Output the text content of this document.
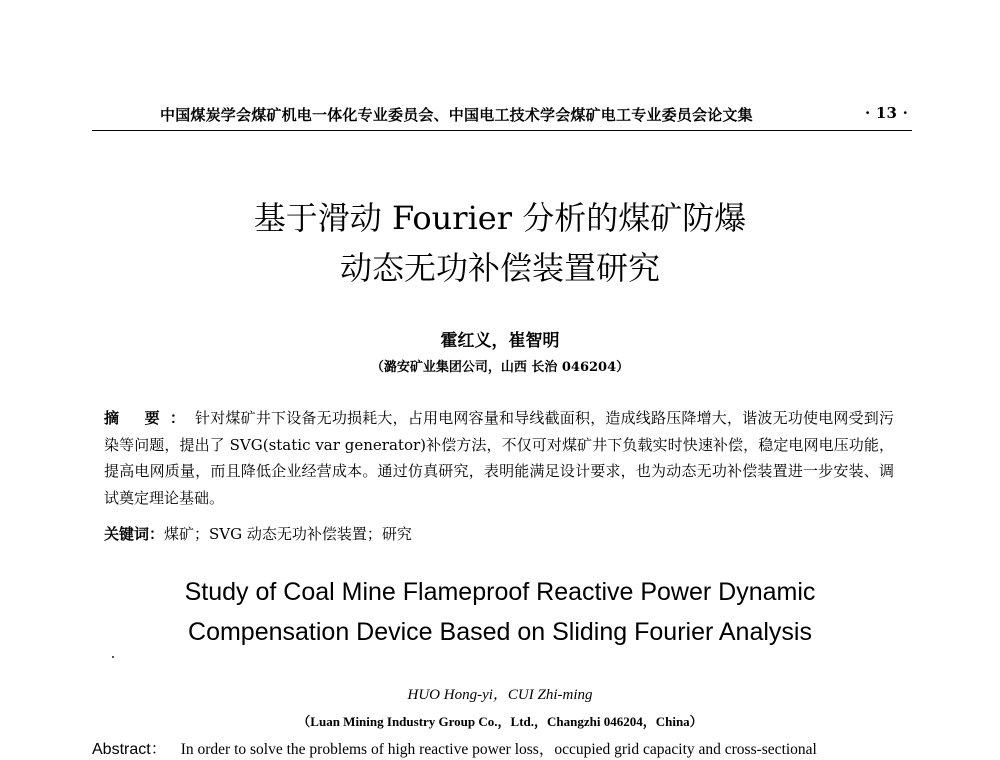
中国煤炭学会煤矿机电一体化专业委员会、中国电工技术学会煤矿电工专业委员会论文集	· 13 ·
基于滑动 Fourier 分析的煤矿防爆
动态无功补偿装置研究
霍红义，崔智明
（潞安矿业集团公司，山西 长治 046204）
摘 要：针对煤矿井下设备无功损耗大，占用电网容量和导线截面积，造成线路压降增大，谐波无功使电网受到污染等问题，提出了 SVG(static var generator)补偿方法，不仅可对煤矿井下负载实时快速补偿，稳定电网电压功能，提高电网质量，而且降低企业经营成本。通过仿真研究，表明能满足设计要求，也为动态无功补偿装置进一步安装、调试奠定理论基础。
关键词：煤矿；SVG 动态无功补偿装置；研究
Study of Coal Mine Flameproof Reactive Power Dynamic
Compensation Device Based on Sliding Fourier Analysis
HUO Hong-yi，CUI Zhi-ming
（Luan Mining Industry Group Co.，Ltd.，Changzhi 046204，China）
Abstract： In order to solve the problems of high reactive power loss，occupied grid capacity and cross-sectional
